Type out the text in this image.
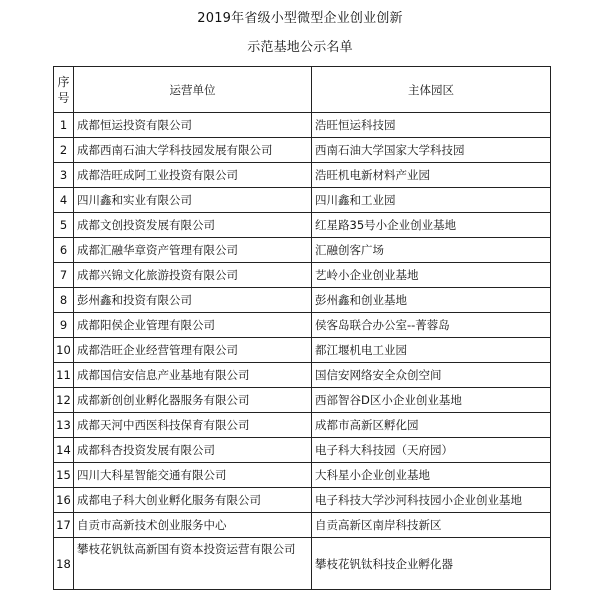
2019年省级小型微型企业创业创新
示范基地公示名单
序号	运营单位	主体园区
1	成都恒运投资有限公司	浩旺恒运科技园
2	成都西南石油大学科技园发展有限公司	西南石油大学国家大学科技园
3	成都浩旺成阿工业投资有限公司	浩旺机电新材料产业园
4	四川鑫和实业有限公司	四川鑫和工业园
5	成都文创投资发展有限公司	红星路35号小企业创业基地
6	成都汇融华章资产管理有限公司	汇融创客广场
7	成都兴锦文化旅游投资有限公司	艺岭小企业创业基地
8	彭州鑫和投资有限公司	彭州鑫和创业基地
9	成都阳侯企业管理有限公司	侯客岛联合办公室--菁蓉岛
10	成都浩旺企业经营管理有限公司	都江堰机电工业园
11	成都国信安信息产业基地有限公司	国信安网络安全众创空间
12	成都新创创业孵化器服务有限公司	西部智谷D区小企业创业基地
13	成都天河中西医科技保育有限公司	成都市高新区孵化园
14	成都科杏投资发展有限公司	电子科大科技园（天府园）
15	四川大科星智能交通有限公司	大科星小企业创业基地
16	成都电子科大创业孵化服务有限公司	电子科技大学沙河科技园小企业创业基地
17	自贡市高新技术创业服务中心	自贡高新区南岸科技新区
18	攀枝花钒钛高新国有资本投资运营有限公司	攀枝花钒钛科技企业孵化器
